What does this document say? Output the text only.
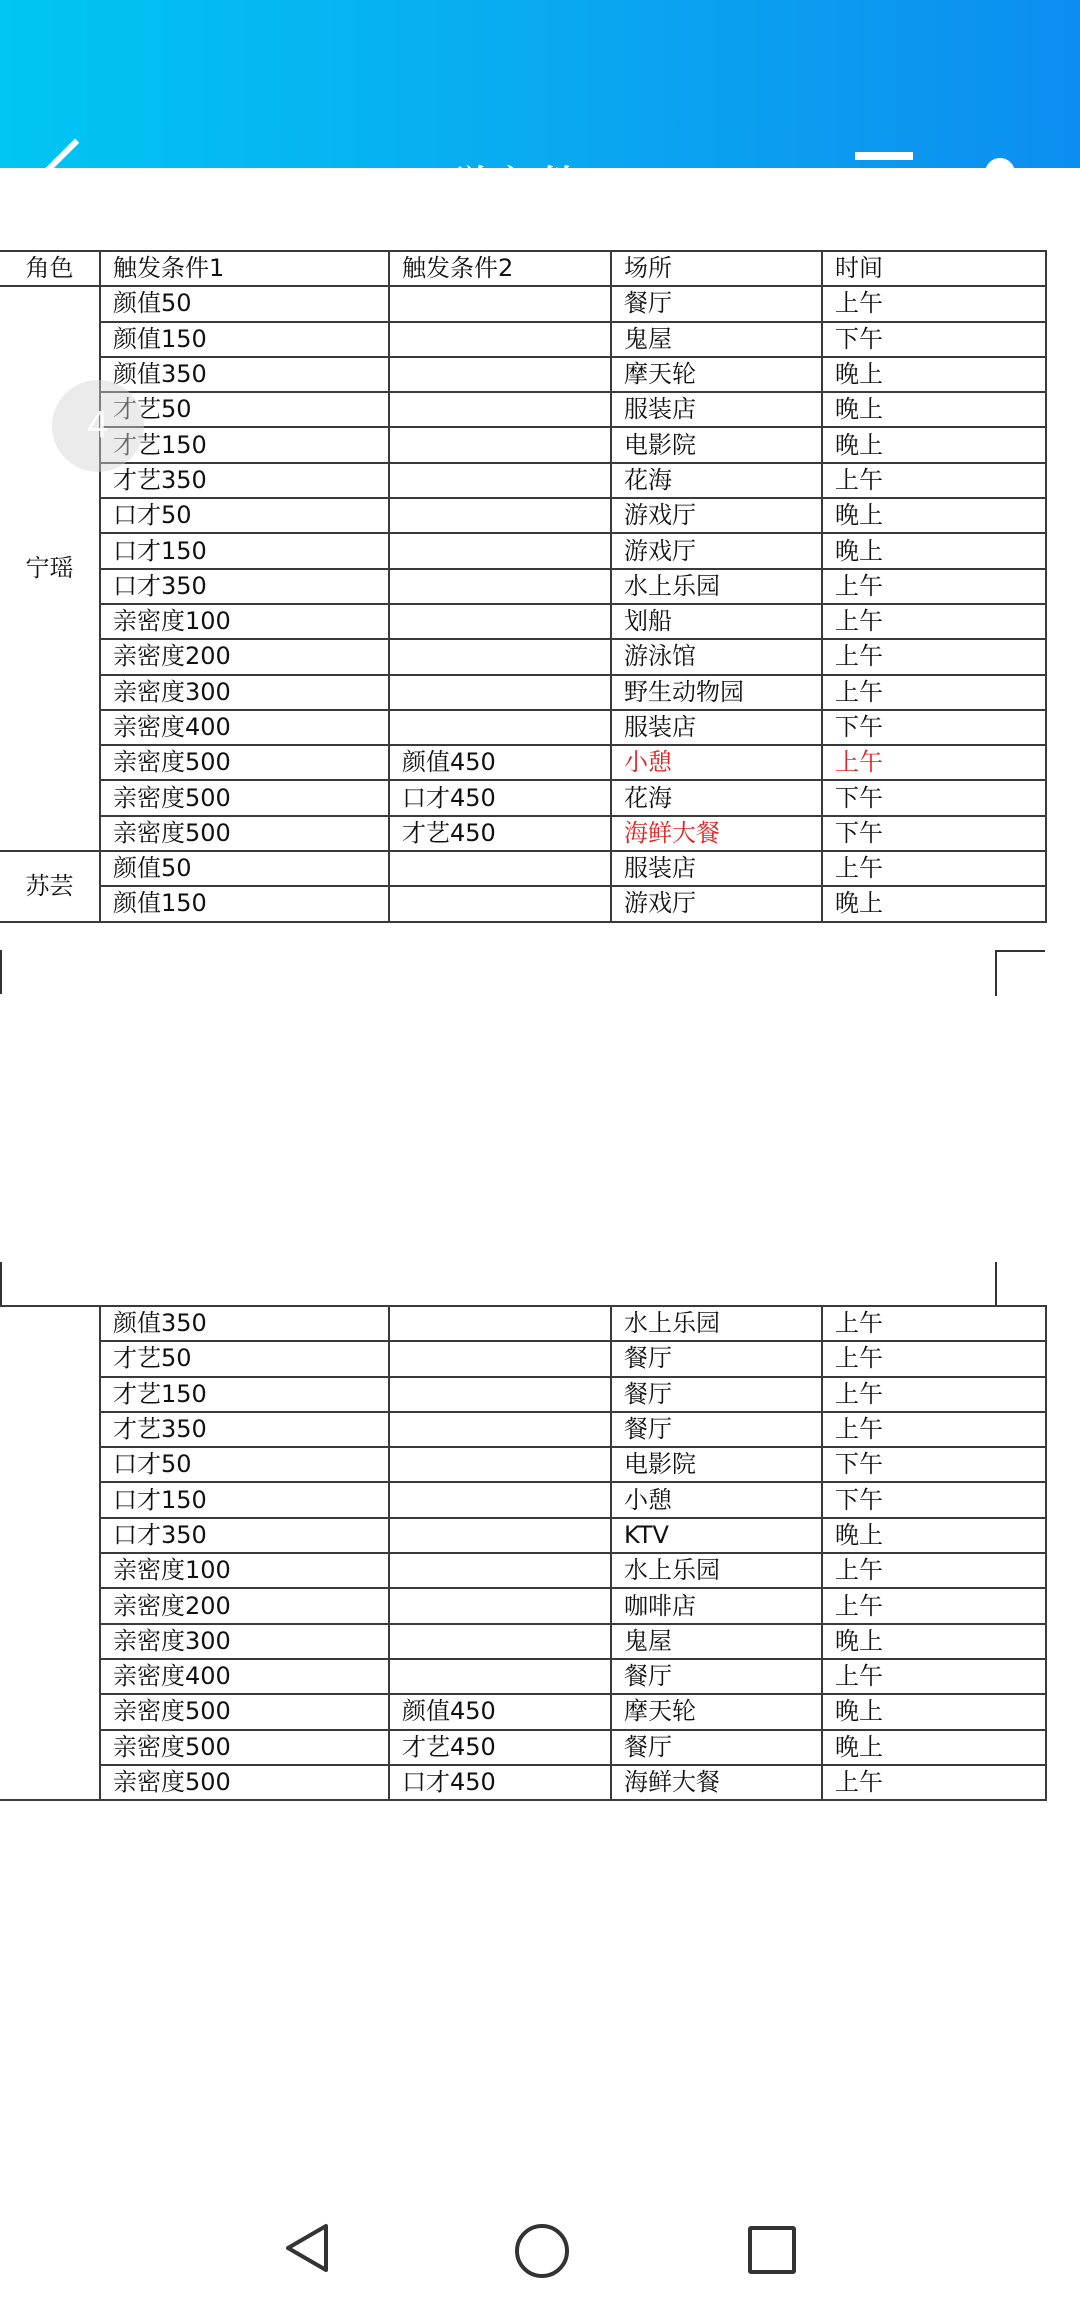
群文件
角色	触发条件1	触发条件2	场所	时间
宁瑶	颜值50		餐厅	上午
	颜值150		鬼屋	下午
	颜值350		摩天轮	晚上
	才艺50		服装店	晚上
	才艺150		电影院	晚上
	才艺350		花海	上午
	口才50		游戏厅	晚上
	口才150		游戏厅	晚上
	口才350		水上乐园	上午
	亲密度100		划船	上午
	亲密度200		游泳馆	上午
	亲密度300		野生动物园	上午
	亲密度400		服装店	下午
	亲密度500	颜值450	小憩	上午
	亲密度500	口才450	花海	下午
	亲密度500	才艺450	海鲜大餐	下午
苏芸	颜值50		服装店	上午
	颜值150		游戏厅	晚上
	颜值350		水上乐园	上午
	才艺50		餐厅	上午
	才艺150		餐厅	上午
	才艺350		餐厅	上午
	口才50		电影院	下午
	口才150		小憩	下午
	口才350		KTV	晚上
	亲密度100		水上乐园	上午
	亲密度200		咖啡店	上午
	亲密度300		鬼屋	晚上
	亲密度400		餐厅	上午
	亲密度500	颜值450	摩天轮	晚上
	亲密度500	才艺450	餐厅	晚上
	亲密度500	口才450	海鲜大餐	上午
4
